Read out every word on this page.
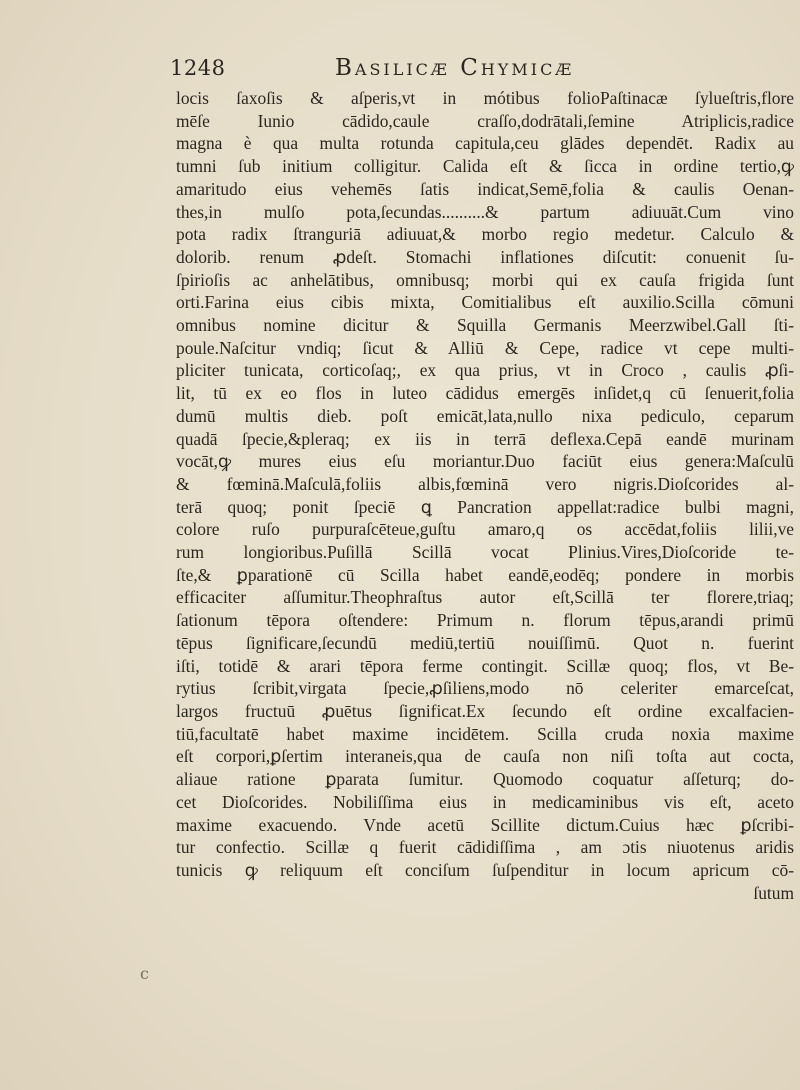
1248	Basilicæ Chymicæ
locis ſaxoſis & aſperis,vt in mótibus folioPaſtinacæ ſylueſtris,flore
mēſe Iunio cādido,caule craſſo,dodrātali,ſemine Atriplicis,radice
magna è qua multa rotunda capitula,ceu glādes dependēt. Radix au
tumni ſub initium colligitur. Calida eſt & ſicca in ordine tertio,ꝙ
amaritudo eius vehemēs ſatis indicat,Semē,folia & caulis Oenan-
thes,in mulſo pota,ſecundas..........& partum adiuuāt.Cum vino
pota radix ſtranguriā adiuuat,& morbo regio medetur. Calculo &
dolorib. renum ꝓdeſt. Stomachi inflationes diſcutit: conuenit ſu-
ſpirioſis ac anhelātibus, omnibusq; morbi qui ex cauſa frigida ſunt
orti.Farina eius cibis mixta, Comitialibus eſt auxilio.Scilla cōmuni
omnibus nomine dicitur & Squilla Germanis Meerzwibel.Gall ſti-
poule.Naſcitur vndiq; ſicut & Alliū & Cepe, radice vt cepe multi-
pliciter tunicata, corticoſaq;, ex qua prius, vt in Croco , caulis ꝓſi-
lit, tū ex eo flos in luteo cādidus emergēs inſidet,q cū ſenuerit,folia
dumū multis dieb. poſt emicāt,lata,nullo nixa pediculo, ceparum
quadā ſpecie,&pleraq; ex iis in terrā deflexa.Cepā eandē murinam
vocāt,ꝙ mures eius eſu moriantur.Duo faciūt eius genera:Maſculū
& fœminā.Maſculā,foliis albis,fœminā vero nigris.Dioſcorides al-
terā quoq; ponit ſpeciē ꝗ Pancration appellat:radice bulbi magni,
colore ruſo purpuraſcēteue,guſtu amaro,q os accēdat,foliis lilii,ve
rum longioribus.Puſillā Scillā vocat Plinius.Vires,Dioſcoride te-
ſte,& ꝑparationē cū Scilla habet eandē,eodēq; pondere in morbis
efficaciter aſſumitur.Theophraſtus autor eſt,Scillā ter florere,triaq;
ſationum tēpora oſtendere: Primum n. florum tēpus,arandi primū
tēpus ſignificare,ſecundū mediū,tertiū nouiſſimū. Quot n. fuerint
iſti, totidē & arari tēpora ferme contingit. Scillæ quoq; flos, vt Be-
rytius ſcribit,virgata ſpecie,ꝓſiliens,modo nō celeriter emarceſcat,
largos fructuū ꝓuētus ſignificat.Ex ſecundo eſt ordine excalfacien-
tiū,facultatē habet maxime incidētem. Scilla cruda noxia maxime
eſt corpori,ꝑſertim interaneis,qua de cauſa non niſi toſta aut cocta,
aliaue ratione ꝑparata ſumitur. Quomodo coquatur aſſeturq; do-
cet Dioſcorides. Nobiliſſima eius in medicaminibus vis eſt, aceto
maxime exacuendo. Vnde acetū Scillite dictum.Cuius hæc ꝑſcribi-
tur confectio. Scillæ q fuerit cādidiſſima , am ɔtis niuotenus aridis
tunicis ꝙ reliquum eſt conciſum ſuſpenditur in locum apricum cō-
ſutum
c
